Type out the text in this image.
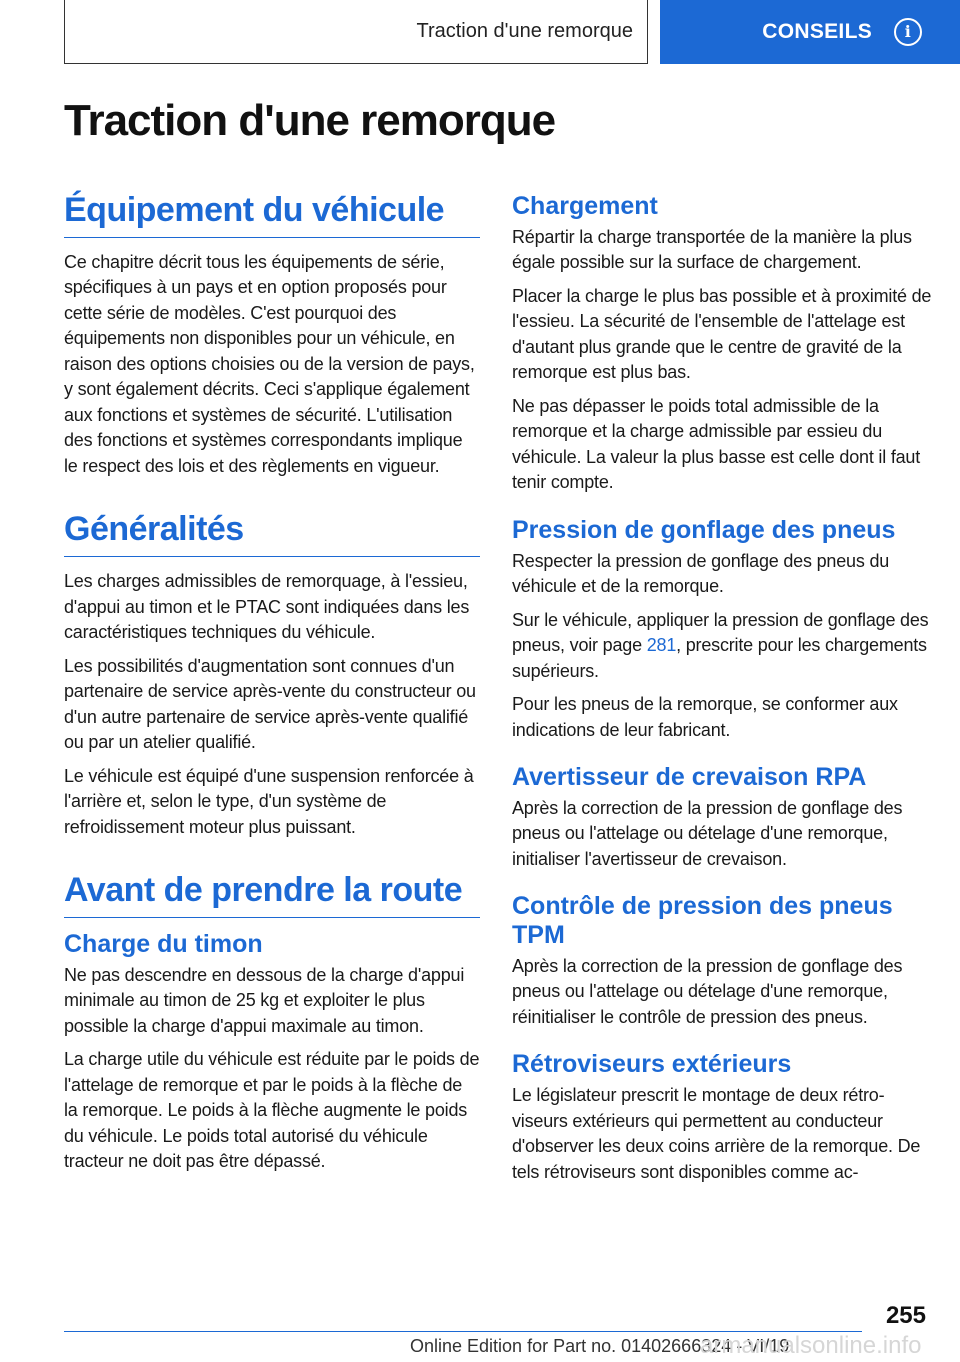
Traction d'une remorque	CONSEILS	i
Traction d'une remorque
Équipement du véhicule

Ce chapitre décrit tous les équipements de série, spécifiques à un pays et en option proposés pour cette série de modèles. C'est pourquoi des équipements non disponibles pour un véhicule, en raison des options choisies ou de la version de pays, y sont également décrits. Ceci s'applique également aux fonctions et systèmes de sécurité. L'utilisation des fonctions et systèmes correspondants implique le respect des lois et des règlements en vigueur.

Généralités

Les charges admissibles de remorquage, à l'essieu, d'appui au timon et le PTAC sont indiquées dans les caractéristiques techniques du véhicule.

Les possibilités d'augmentation sont connues d'un partenaire de service après-vente du constructeur ou d'un autre partenaire de service après-vente qualifié ou par un atelier qualifié.

Le véhicule est équipé d'une suspension renforcée à l'arrière et, selon le type, d'un système de refroidissement moteur plus puissant.

Avant de prendre la route
Charge du timon

Ne pas descendre en dessous de la charge d'appui minimale au timon de 25 kg et exploiter le plus possible la charge d'appui maximale au timon.

La charge utile du véhicule est réduite par le poids de l'attelage de remorque et par le poids à la flèche de la remorque. Le poids à la flèche augmente le poids du véhicule. Le poids total autorisé du véhicule tracteur ne doit pas être dépassé.

Chargement

Répartir la charge transportée de la manière la plus égale possible sur la surface de chargement.

Placer la charge le plus bas possible et à proximité de l'essieu. La sécurité de l'ensemble de l'attelage est d'autant plus grande que le centre de gravité de la remorque est plus bas.

Ne pas dépasser le poids total admissible de la remorque et la charge admissible par essieu du véhicule. La valeur la plus basse est celle dont il faut tenir compte.

Pression de gonflage des pneus

Respecter la pression de gonflage des pneus du véhicule et de la remorque.

Sur le véhicule, appliquer la pression de gonflage des pneus, voir page 281, prescrite pour les chargements supérieurs.

Pour les pneus de la remorque, se conformer aux indications de leur fabricant.

Avertisseur de crevaison RPA

Après la correction de la pression de gonflage des pneus ou l'attelage ou dételage d'une remorque, initialiser l'avertisseur de crevaison.

Contrôle de pression des pneus TPM

Après la correction de la pression de gonflage des pneus ou l'attelage ou dételage d'une remorque, réinitialiser le contrôle de pression des pneus.

Rétroviseurs extérieurs

Le législateur prescrit le montage de deux rétroviseurs extérieurs qui permettent au conducteur d'observer les deux coins arrière de la remorque. De tels rétroviseurs sont disponibles comme ac-

255
Online Edition for Part no. 01402666324 - VI/19
armanualsonline.info
